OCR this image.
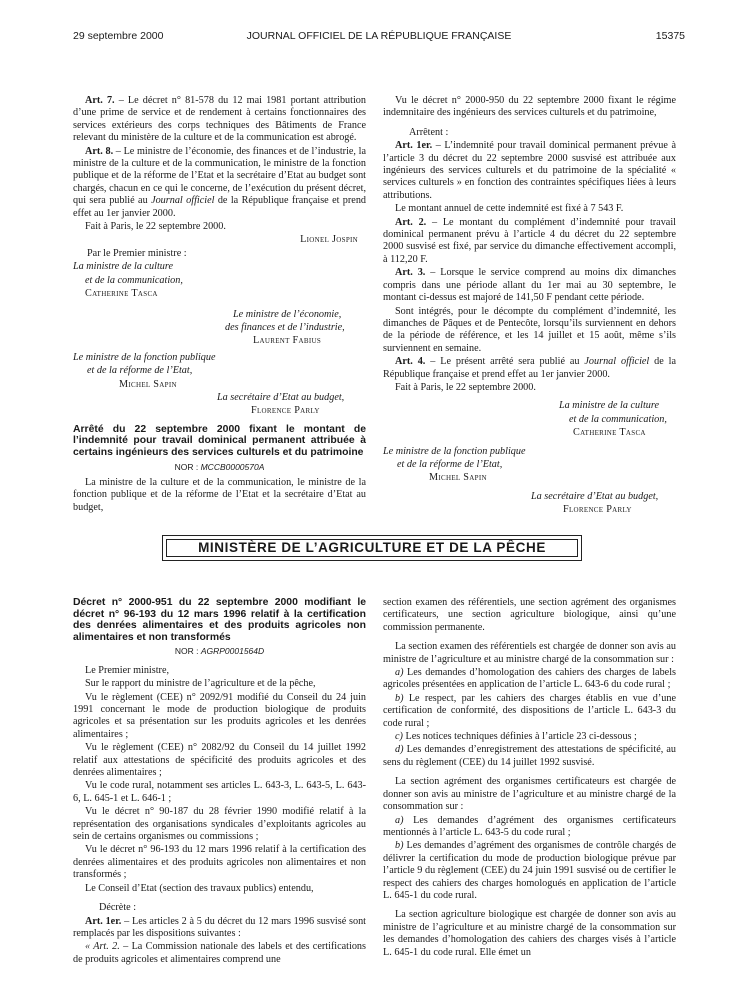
29 septembre 2000	JOURNAL OFFICIEL DE LA RÉPUBLIQUE FRANÇAISE	15375

Art. 7. – Le décret n° 81-578 du 12 mai 1981 portant attribution d’une prime de service et de rendement à certains fonctionnaires des services extérieurs des corps techniques des Bâtiments de France relevant du ministère de la culture et de la communication est abrogé.

Art. 8. – Le ministre de l’économie, des finances et de l’industrie, la ministre de la culture et de la communication, le ministre de la fonction publique et de la réforme de l’Etat et la secrétaire d’Etat au budget sont chargés, chacun en ce qui le concerne, de l’exécution du présent décret, qui sera publié au Journal officiel de la République française et prend effet au 1er janvier 2000.

Fait à Paris, le 22 septembre 2000.

Lionel Jospin

Par le Premier ministre :

La ministre de la culture

et de la communication,

Catherine Tasca

Le ministre de l’économie,

des finances et de l’industrie,

Laurent Fabius

Le ministre de la fonction publique

et de la réforme de l’Etat,

Michel Sapin

La secrétaire d’Etat au budget,

Florence Parly

Arrêté du 22 septembre 2000 fixant le montant de l’indemnité pour travail dominical permanent attribuée à certains ingénieurs des services culturels et du patrimoine

NOR : MCCB0000570A

La ministre de la culture et de la communication, le ministre de la fonction publique et de la réforme de l’Etat et la secrétaire d’Etat au budget,

Vu le décret n° 2000-950 du 22 septembre 2000 fixant le régime indemnitaire des ingénieurs des services culturels et du patrimoine,

Arrêtent :

Art. 1er. – L’indemnité pour travail dominical permanent prévue à l’article 3 du décret du 22 septembre 2000 susvisé est attribuée aux ingénieurs des services culturels et du patrimoine de la spécialité « services culturels » en fonction des contraintes spécifiques liées à leurs attributions.

Le montant annuel de cette indemnité est fixé à 7 543 F.

Art. 2. – Le montant du complément d’indemnité pour travail dominical permanent prévu à l’article 4 du décret du 22 septembre 2000 susvisé est fixé, par service du dimanche effectivement accompli, à 112,20 F.

Art. 3. – Lorsque le service comprend au moins dix dimanches compris dans une période allant du 1er mai au 30 septembre, le montant ci-dessus est majoré de 141,50 F pendant cette période.

Sont intégrés, pour le décompte du complément d’indemnité, les dimanches de Pâques et de Pentecôte, lorsqu’ils surviennent en dehors de la période de référence, et les 14 juillet et 15 août, même s’ils surviennent en semaine.

Art. 4. – Le présent arrêté sera publié au Journal officiel de la République française et prend effet au 1er janvier 2000.

Fait à Paris, le 22 septembre 2000.

La ministre de la culture

et de la communication,

Catherine Tasca

Le ministre de la fonction publique

et de la réforme de l’Etat,

Michel Sapin

La secrétaire d’Etat au budget,

Florence Parly

MINISTÈRE DE L’AGRICULTURE ET DE LA PÊCHE

Décret n° 2000-951 du 22 septembre 2000 modifiant le décret n° 96-193 du 12 mars 1996 relatif à la certification des denrées alimentaires et des produits agricoles non alimentaires et non transformés

NOR : AGRP0001564D

Le Premier ministre,

Sur le rapport du ministre de l’agriculture et de la pêche,

Vu le règlement (CEE) n° 2092/91 modifié du Conseil du 24 juin 1991 concernant le mode de production biologique de produits agricoles et sa présentation sur les produits agricoles et les denrées alimentaires ;

Vu le règlement (CEE) n° 2082/92 du Conseil du 14 juillet 1992 relatif aux attestations de spécificité des produits agricoles et des denrées alimentaires ;

Vu le code rural, notamment ses articles L. 643-3, L. 643-5, L. 643-6, L. 645-1 et L. 646-1 ;

Vu le décret n° 90-187 du 28 février 1990 modifié relatif à la représentation des organisations syndicales d’exploitants agricoles au sein de certains organismes ou commissions ;

Vu le décret n° 96-193 du 12 mars 1996 relatif à la certification des denrées alimentaires et des produits agricoles non alimentaires et non transformés ;

Le Conseil d’Etat (section des travaux publics) entendu,

Décrète :

Art. 1er. – Les articles 2 à 5 du décret du 12 mars 1996 susvisé sont remplacés par les dispositions suivantes :

« Art. 2. – La Commission nationale des labels et des certifications de produits agricoles et alimentaires comprend une

section examen des référentiels, une section agrément des organismes certificateurs, une section agriculture biologique, ainsi qu’une commission permanente.

La section examen des référentiels est chargée de donner son avis au ministre de l’agriculture et au ministre chargé de la consommation sur :

a) Les demandes d’homologation des cahiers des charges de labels agricoles présentées en application de l’article L. 643-6 du code rural ;

b) Le respect, par les cahiers des charges établis en vue d’une certification de conformité, des dispositions de l’article L. 643-3 du code rural ;

c) Les notices techniques définies à l’article 23 ci-dessous ;

d) Les demandes d’enregistrement des attestations de spécificité, au sens du règlement (CEE) du 14 juillet 1992 susvisé.

La section agrément des organismes certificateurs est chargée de donner son avis au ministre de l’agriculture et au ministre chargé de la consommation sur :

a) Les demandes d’agrément des organismes certificateurs mentionnés à l’article L. 643-5 du code rural ;

b) Les demandes d’agrément des organismes de contrôle chargés de délivrer la certification du mode de production biologique prévue par l’article 9 du règlement (CEE) du 24 juin 1991 susvisé ou de certifier le respect des cahiers des charges homologués en application de l’article L. 645-1 du code rural.

La section agriculture biologique est chargée de donner son avis au ministre de l’agriculture et au ministre chargé de la consommation sur les demandes d’homologation des cahiers des charges visés à l’article L. 645-1 du code rural. Elle émet un
